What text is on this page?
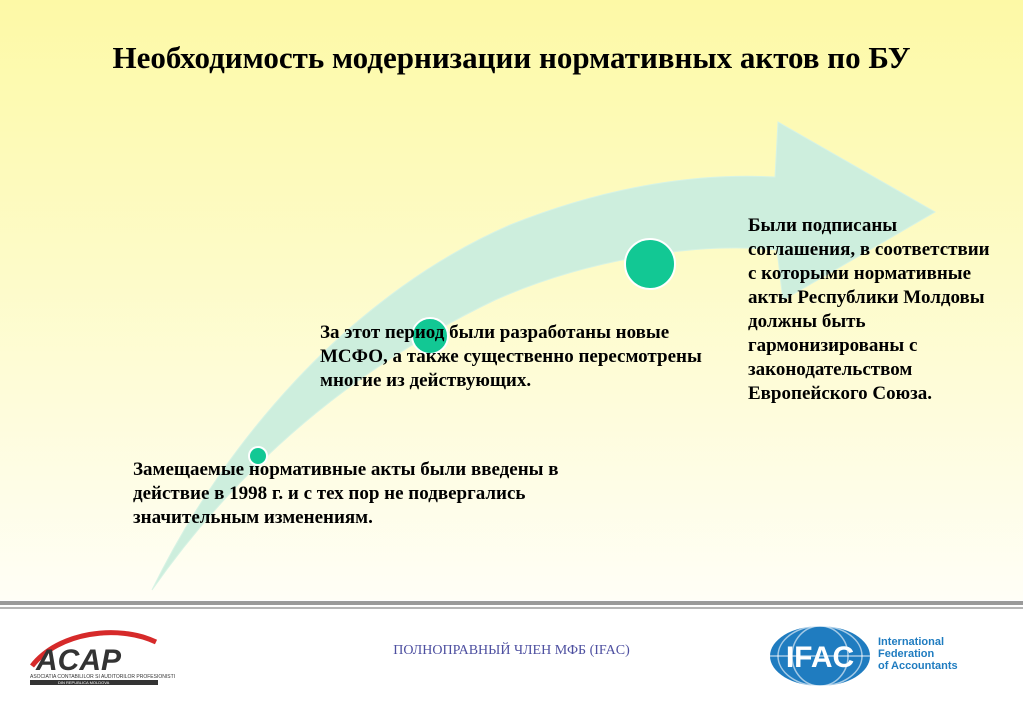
Необходимость модернизации нормативных актов по БУ

Замещаемые нормативные акты были введены в действие в 1998 г. и с тех пор не подвергались значительным изменениям.

За этот период были разработаны новые МСФО, а также существенно пересмотрены многие из действующих.

Были подписаны соглашения, в соответствии с которыми нормативные акты Республики Молдовы должны быть гармонизированы с законодательством Европейского Союза.

ACAP
ASOCIATIA CONTABILILOR SI AUDITORILOR PROFESIONISTI
DIN REPUBLICA MOLDOVA
ПОЛНОПРАВНЫЙ ЧЛЕН МФБ (IFAC)	IFAC International
Federation
of Accountants
